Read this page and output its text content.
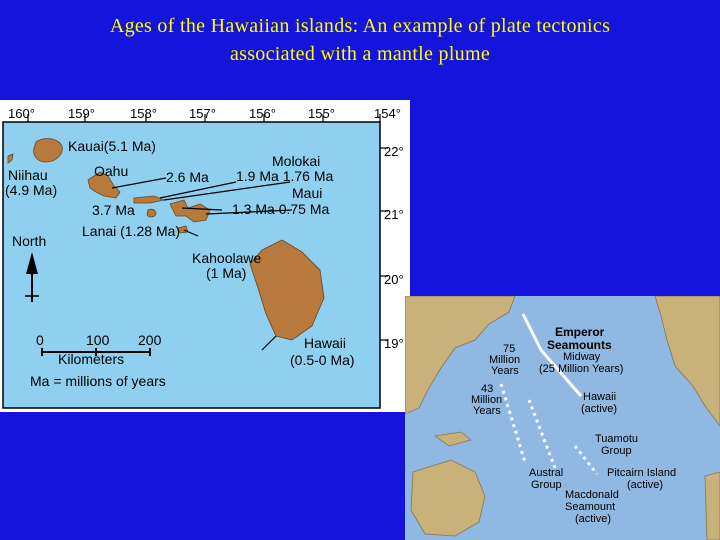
Ages of the Hawaiian islands: An example of plate tectonics
associated with a mantle plume
160°	159°	158° 157°	156° 155°	154°
22°
21°
20°
19°
Kauai(5.1 Ma)
Niihau
(4.9 Ma)
Oahu	2.6 Ma
3.7 Ma
Molokai
1.9 Ma 1.76 Ma
Maui
1.3 Ma 0.75 Ma
Lanai (1.28 Ma)
Kahoolawe
(1 Ma)
Hawaii
(0.5-0 Ma)
North
0	100 200
Kilometers
Ma = millions of years
Emperor
Seamounts
Midway
(25 Million Years)
75
Million
Years
43
Million
Years
Hawaii
(active)
Tuamotu
Group
Austral
Group
Pitcairn Island
(active)
Macdonald
Seamount
(active)
